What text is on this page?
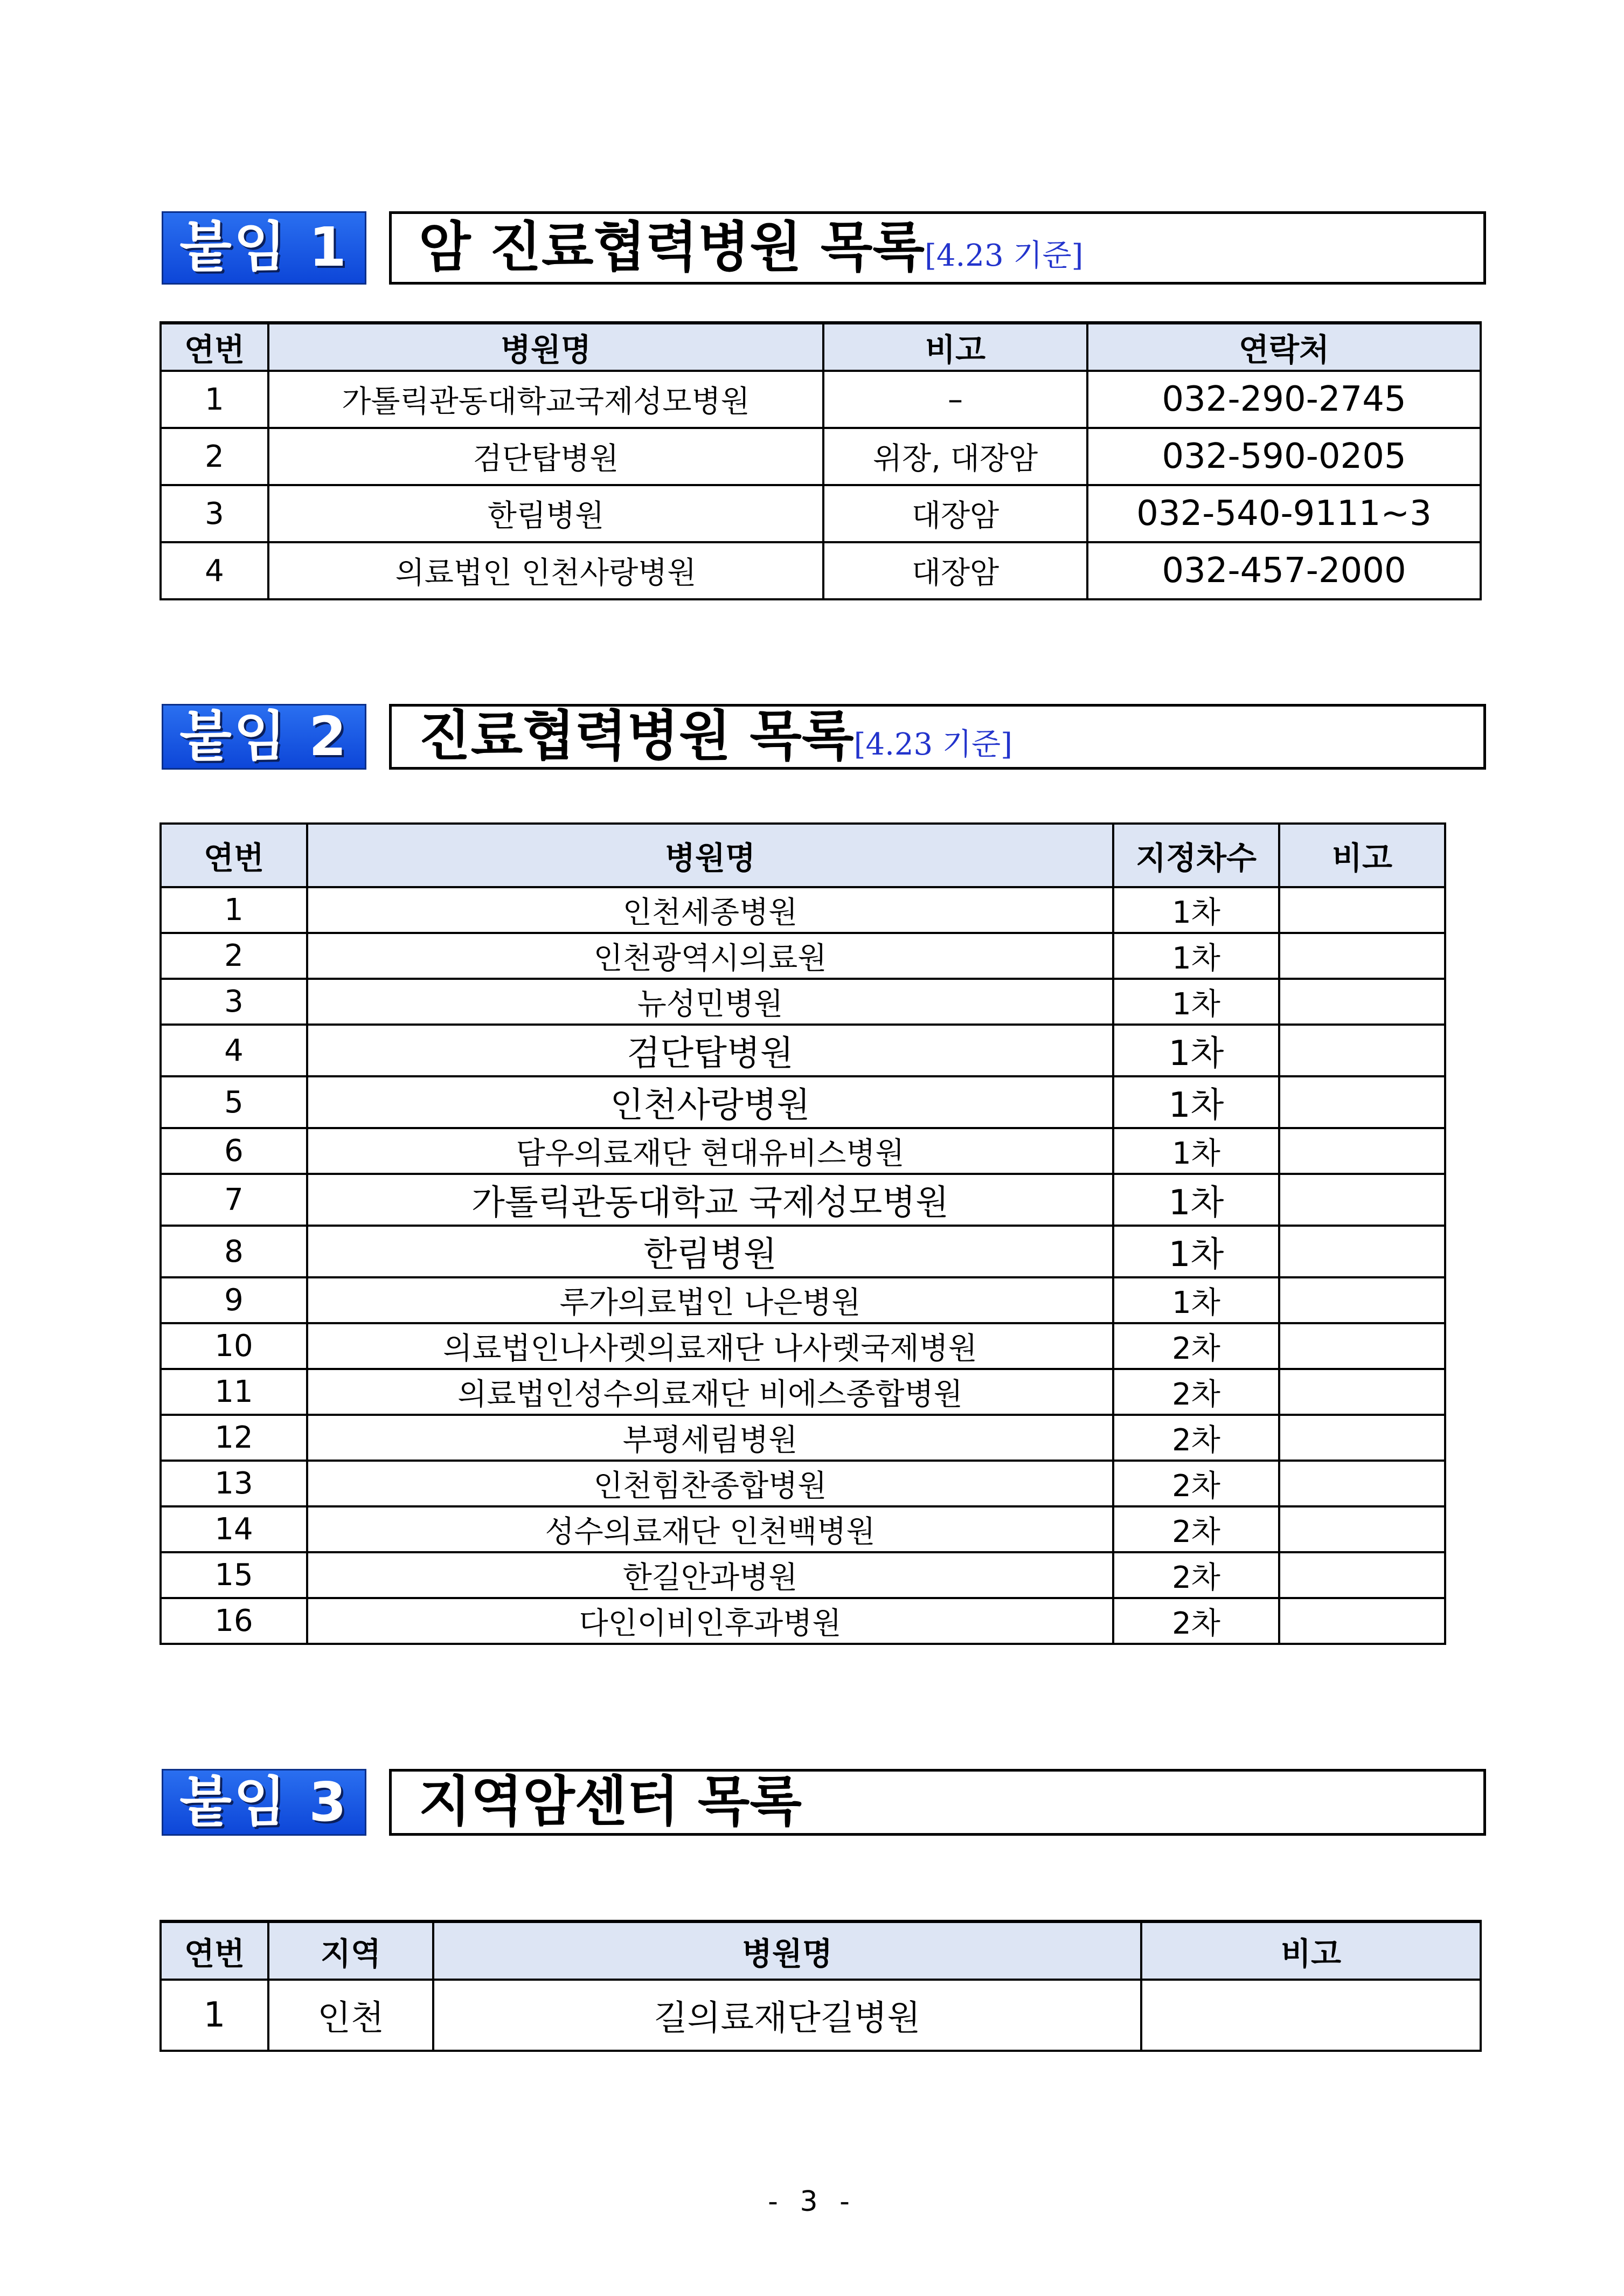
붙임 1	암 진료협력병원 목록[4.23 기준]
연번	병원명	비고	연락처
1	가톨릭관동대학교국제성모병원	–	032-290-2745
2	검단탑병원	위장, 대장암	032-590-0205
3	한림병원	대장암	032-540-9111~3
4	의료법인 인천사랑병원	대장암	032-457-2000
붙임 2	진료협력병원 목록[4.23 기준]
연번	병원명	지정차수	비고
1	인천세종병원	1차	
2	인천광역시의료원	1차	
3	뉴성민병원	1차	
4	검단탑병원	1차	
5	인천사랑병원	1차	
6	담우의료재단 현대유비스병원	1차	
7	가톨릭관동대학교 국제성모병원	1차	
8	한림병원	1차	
9	루가의료법인 나은병원	1차	
10	의료법인나사렛의료재단 나사렛국제병원	2차	
11	의료법인성수의료재단 비에스종합병원	2차	
12	부평세림병원	2차	
13	인천힘찬종합병원	2차	
14	성수의료재단 인천백병원	2차	
15	한길안과병원	2차	
16	다인이비인후과병원	2차	
붙임 3	지역암센터 목록
연번	지역	병원명	비고
1	인천	길의료재단길병원	
- 3 -
